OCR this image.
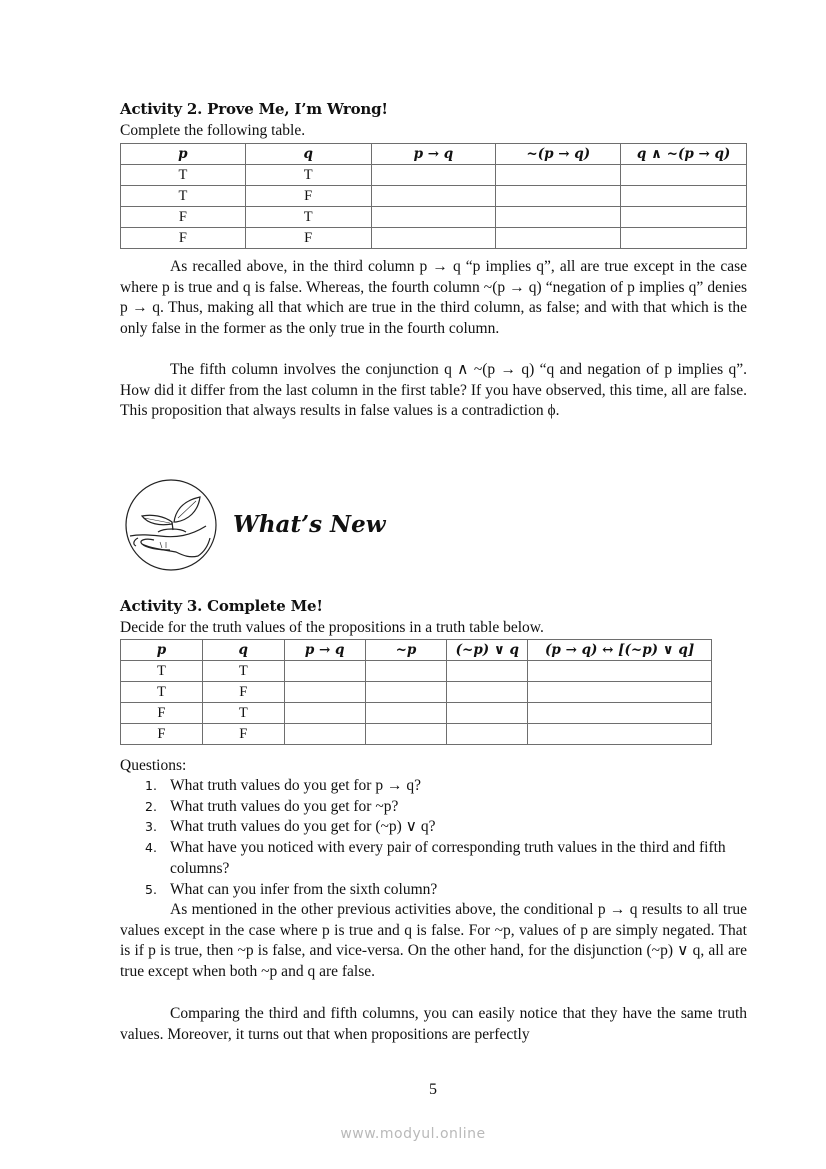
Activity 2. Prove Me, I’m Wrong!
Complete the following table.
p	q	p → q	~(p → q)	q ∧ ~(p → q)
T	T			
T	F			
F	T			
F	F			
As recalled above, in the third column p → q “p implies q”, all are true except in the case where p is true and q is false. Whereas, the fourth column ~(p → q) “negation of p implies q” denies p → q. Thus, making all that which are true in the third column, as false; and with that which is the only false in the former as the only true in the fourth column.
The fifth column involves the conjunction q ∧ ~(p → q) “q and negation of p implies q”. How did it differ from the last column in the first table? If you have observed, this time, all are false. This proposition that always results in false values is a contradiction ϕ.
What’s New
Activity 3. Complete Me!
Decide for the truth values of the propositions in a truth table below.
p	q	p → q	~p	(~p) ∨ q	(p → q) ↔ [(~p) ∨ q]
T	T				
T	F				
F	T				
F	F				
Questions:
1. What truth values do you get for p → q?
2. What truth values do you get for ~p?
3. What truth values do you get for (~p) ∨ q?
4. What have you noticed with every pair of corresponding truth values in the third and fifth columns?
5. What can you infer from the sixth column?
As mentioned in the other previous activities above, the conditional p → q results to all true values except in the case where p is true and q is false. For ~p, values of p are simply negated. That is if p is true, then ~p is false, and vice-versa. On the other hand, for the disjunction (~p) ∨ q, all are true except when both ~p and q are false.
Comparing the third and fifth columns, you can easily notice that they have the same truth values. Moreover, it turns out that when propositions are perfectly
5
www.modyul.online
